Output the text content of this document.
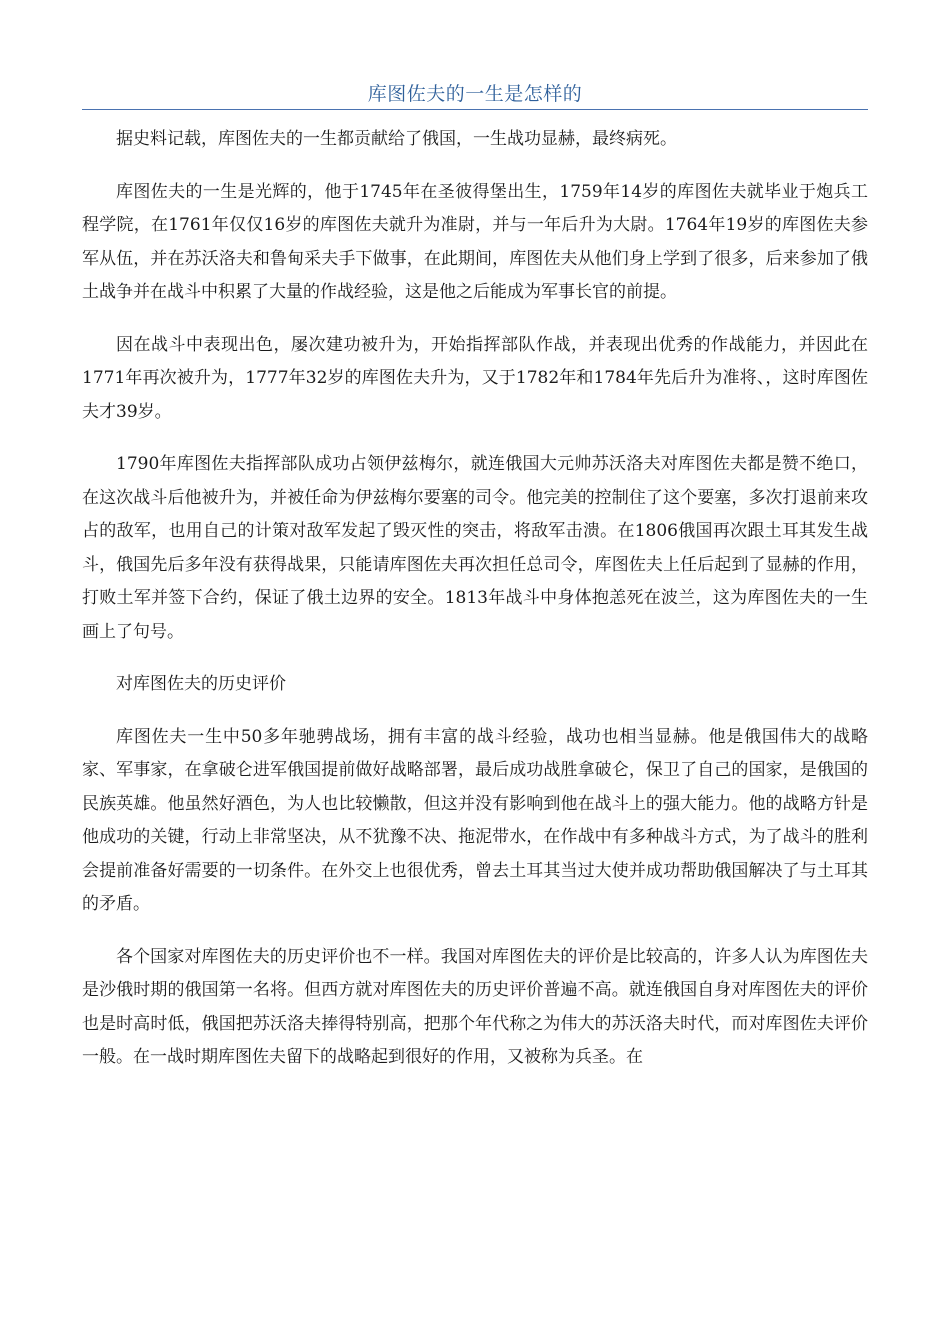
库图佐夫的一生是怎样的

据史料记载，库图佐夫的一生都贡献给了俄国，一生战功显赫，最终病死。

库图佐夫的一生是光辉的，他于1745年在圣彼得堡出生，1759年14岁的库图佐夫就毕业于炮兵工程学院，在1761年仅仅16岁的库图佐夫就升为准尉，并与一年后升为大尉。1764年19岁的库图佐夫参军从伍，并在苏沃洛夫和鲁甸采夫手下做事，在此期间，库图佐夫从他们身上学到了很多，后来参加了俄土战争并在战斗中积累了大量的作战经验，这是他之后能成为军事长官的前提。

因在战斗中表现出色，屡次建功被升为，开始指挥部队作战，并表现出优秀的作战能力，并因此在1771年再次被升为，1777年32岁的库图佐夫升为，又于1782年和1784年先后升为准将、，这时库图佐夫才39岁。

1790年库图佐夫指挥部队成功占领伊兹梅尔，就连俄国大元帅苏沃洛夫对库图佐夫都是赞不绝口，在这次战斗后他被升为，并被任命为伊兹梅尔要塞的司令。他完美的控制住了这个要塞，多次打退前来攻占的敌军，也用自己的计策对敌军发起了毁灭性的突击，将敌军击溃。在1806俄国再次跟土耳其发生战斗，俄国先后多年没有获得战果，只能请库图佐夫再次担任总司令，库图佐夫上任后起到了显赫的作用，打败土军并签下合约，保证了俄土边界的安全。1813年战斗中身体抱恙死在波兰，这为库图佐夫的一生画上了句号。

对库图佐夫的历史评价

库图佐夫一生中50多年驰骋战场，拥有丰富的战斗经验，战功也相当显赫。他是俄国伟大的战略家、军事家，在拿破仑进军俄国提前做好战略部署，最后成功战胜拿破仑，保卫了自己的国家，是俄国的民族英雄。他虽然好酒色，为人也比较懒散，但这并没有影响到他在战斗上的强大能力。他的战略方针是他成功的关键，行动上非常坚决，从不犹豫不决、拖泥带水，在作战中有多种战斗方式，为了战斗的胜利会提前准备好需要的一切条件。在外交上也很优秀，曾去土耳其当过大使并成功帮助俄国解决了与土耳其的矛盾。

各个国家对库图佐夫的历史评价也不一样。我国对库图佐夫的评价是比较高的，许多人认为库图佐夫是沙俄时期的俄国第一名将。但西方就对库图佐夫的历史评价普遍不高。就连俄国自身对库图佐夫的评价也是时高时低，俄国把苏沃洛夫捧得特别高，把那个年代称之为伟大的苏沃洛夫时代，而对库图佐夫评价一般。在一战时期库图佐夫留下的战略起到很好的作用，又被称为兵圣。在
